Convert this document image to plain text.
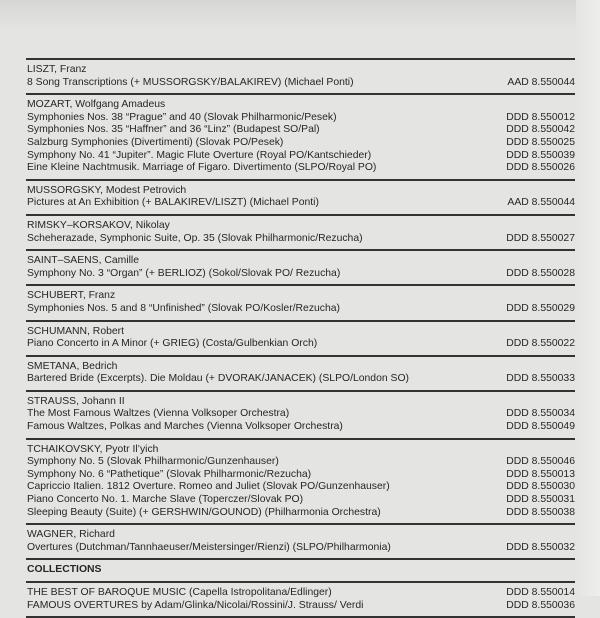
LISZT, Franz
8 Song Transcriptions (+ MUSSORGSKY/BALAKIREV) (Michael Ponti)	AAD 8.550044
MOZART, Wolfgang Amadeus
Symphonies Nos. 38 “Prague” and 40 (Slovak Philharmonic/Pesek)	DDD 8.550012
Symphonies Nos. 35 “Haffner” and 36 “Linz” (Budapest SO/Pal)	DDD 8.550042
Salzburg Symphonies (Divertimenti) (Slovak PO/Pesek)	DDD 8.550025
Symphony No. 41 “Jupiter”. Magic Flute Overture (Royal PO/Kantschieder)	DDD 8.550039
Eine Kleine Nachtmusik. Marriage of Figaro. Divertimento (SLPO/Royal PO)	DDD 8.550026
MUSSORGSKY, Modest Petrovich
Pictures at An Exhibition (+ BALAKIREV/LISZT) (Michael Ponti)	AAD 8.550044
RIMSKY–KORSAKOV, Nikolay
Scheherazade, Symphonic Suite, Op. 35 (Slovak Philharmonic/Rezucha)	DDD 8.550027
SAINT–SAENS, Camille
Symphony No. 3 “Organ” (+ BERLIOZ) (Sokol/Slovak PO/ Rezucha)	DDD 8.550028
SCHUBERT, Franz
Symphonies Nos. 5 and 8 “Unfinished” (Slovak PO/Kosler/Rezucha)	DDD 8.550029
SCHUMANN, Robert
Piano Concerto in A Minor (+ GRIEG) (Costa/Gulbenkian Orch)	DDD 8.550022
SMETANA, Bedrich
Bartered Bride (Excerpts). Die Moldau (+ DVORAK/JANACEK) (SLPO/London SO)	DDD 8.550033
STRAUSS, Johann II
The Most Famous Waltzes (Vienna Volksoper Orchestra)	DDD 8.550034
Famous Waltzes, Polkas and Marches (Vienna Volksoper Orchestra)	DDD 8.550049
TCHAIKOVSKY, Pyotr Il’yich
Symphony No. 5 (Slovak Philharmonic/Gunzenhauser)	DDD 8.550046
Symphony No. 6 “Pathetique” (Slovak Philharmonic/Rezucha)	DDD 8.550013
Capriccio Italien. 1812 Overture. Romeo and Juliet (Slovak PO/Gunzenhauser)	DDD 8.550030
Piano Concerto No. 1. Marche Slave (Toperczer/Slovak PO)	DDD 8.550031
Sleeping Beauty (Suite) (+ GERSHWIN/GOUNOD) (Philharmonia Orchestra)	DDD 8.550038
WAGNER, Richard
Overtures (Dutchman/Tannhaeuser/Meistersinger/Rienzi) (SLPO/Philharmonia)	DDD 8.550032
COLLECTIONS
THE BEST OF BAROQUE MUSIC (Capella Istropolitana/Edlinger)	DDD 8.550014
FAMOUS OVERTURES by Adam/Glinka/Nicolai/Rossini/J. Strauss/ Verdi	DDD 8.550036
